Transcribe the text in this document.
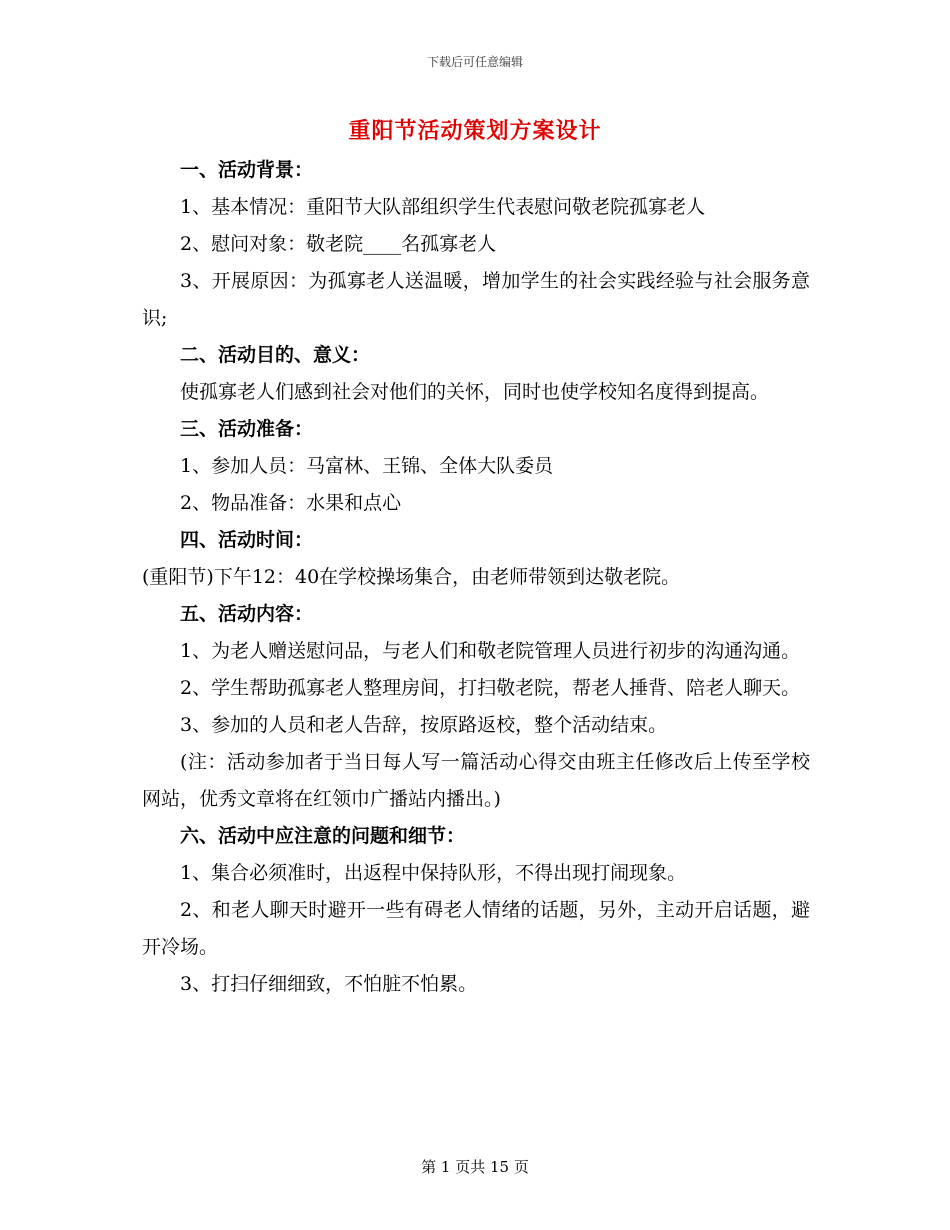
下载后可任意编辑
重阳节活动策划方案设计

一、活动背景：

1、基本情况：重阳节大队部组织学生代表慰问敬老院孤寡老人

2、慰问对象：敬老院____名孤寡老人

3、开展原因：为孤寡老人送温暖，增加学生的社会实践经验与社会服务意识;

二、活动目的、意义：

使孤寡老人们感到社会对他们的关怀，同时也使学校知名度得到提高。

三、活动准备：

1、参加人员：马富林、王锦、全体大队委员

2、物品准备：水果和点心

四、活动时间：

(重阳节)下午12：40在学校操场集合，由老师带领到达敬老院。

五、活动内容：

1、为老人赠送慰问品，与老人们和敬老院管理人员进行初步的沟通沟通。

2、学生帮助孤寡老人整理房间，打扫敬老院，帮老人捶背、陪老人聊天。

3、参加的人员和老人告辞，按原路返校，整个活动结束。

(注：活动参加者于当日每人写一篇活动心得交由班主任修改后上传至学校网站，优秀文章将在红领巾广播站内播出。)

六、活动中应注意的问题和细节：

1、集合必须准时，出返程中保持队形，不得出现打闹现象。

2、和老人聊天时避开一些有碍老人情绪的话题，另外，主动开启话题，避开冷场。

3、打扫仔细细致，不怕脏不怕累。

第 1 页共 15 页
